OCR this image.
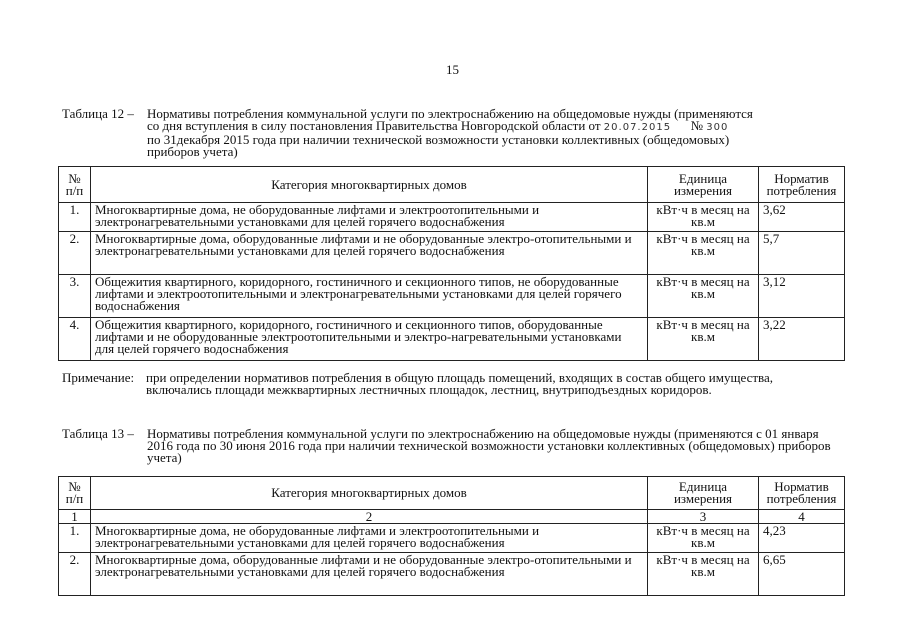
15
Таблица 12 – Нормативы потребления коммунальной услуги по электроснабжению на общедомовые нужды (применяются
со дня вступления в силу постановления Правительства Новгородской области от 20.07.2015 № 300
по 31декабря 2015 года при наличии технической возможности установки коллективных (общедомовых)
приборов учета)
№
п/п	Категория многоквартирных домов	Единица измерения	Норматив потребления
1.	Многоквартирные дома, не оборудованные лифтами и электроотопительными и электронагревательными установками для целей горячего водоснабжения	кВт·ч в месяц на кв.м	3,62
2.	Многоквартирные дома, оборудованные лифтами и не оборудованные электро-отопительными и электронагревательными установками для целей горячего водоснабжения	кВт·ч в месяц на кв.м	5,7
3.	Общежития квартирного, коридорного, гостиничного и секционного типов, не оборудованные лифтами и электроотопительными и электронагревательными установками для целей горячего водоснабжения	кВт·ч в месяц на кв.м	3,12
4.	Общежития квартирного, коридорного, гостиничного и секционного типов, оборудованные лифтами и не оборудованные электроотопительными и электро-нагревательными установками для целей горячего водоснабжения	кВт·ч в месяц на кв.м	3,22
Примечание: при определении нормативов потребления в общую площадь помещений, входящих в состав общего имущества, включались площади межквартирных лестничных площадок, лестниц, внутриподъездных коридоров.
Таблица 13 – Нормативы потребления коммунальной услуги по электроснабжению на общедомовые нужды (применяются с 01 января 2016 года по 30 июня 2016 года при наличии технической возможности установки коллективных (общедомовых) приборов учета)
№
п/п	Категория многоквартирных домов	Единица измерения	Норматив потребления
1	2	3	4
1.	Многоквартирные дома, не оборудованные лифтами и электроотопительными и электронагревательными установками для целей горячего водоснабжения	кВт·ч в месяц на кв.м	4,23
2.	Многоквартирные дома, оборудованные лифтами и не оборудованные электро-отопительными и электронагревательными установками для целей горячего водоснабжения	кВт·ч в месяц на кв.м	6,65
